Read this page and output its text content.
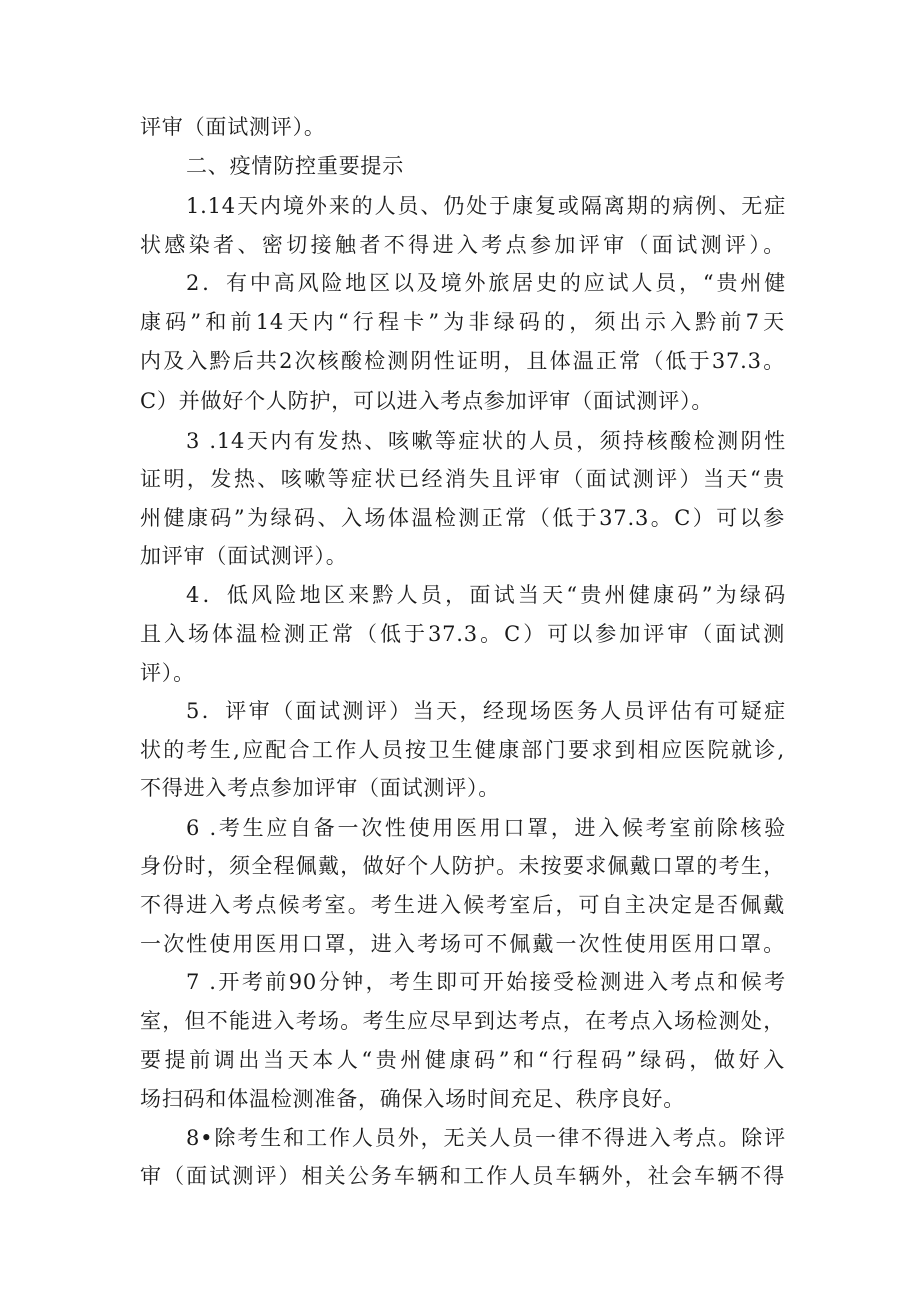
评审（面试测评）。
二、疫情防控重要提示
1.14天内境外来的人员、仍处于康复或隔离期的病例、无症
状感染者、密切接触者不得进入考点参加评审（面试测评）。
2．有中高风险地区以及境外旅居史的应试人员，“贵州健
康码”和前14天内“行程卡”为非绿码的，须出示入黔前7天
内及入黔后共2次核酸检测阴性证明，且体温正常（低于37.3。
C）并做好个人防护，可以进入考点参加评审（面试测评）。
3 .14天内有发热、咳嗽等症状的人员，须持核酸检测阴性
证明，发热、咳嗽等症状已经消失且评审（面试测评）当天“贵
州健康码”为绿码、入场体温检测正常（低于37.3。C）可以参
加评审（面试测评）。
4．低风险地区来黔人员，面试当天“贵州健康码”为绿码
且入场体温检测正常（低于37.3。C）可以参加评审（面试测
评）。
5．评审（面试测评）当天，经现场医务人员评估有可疑症
状的考生,应配合工作人员按卫生健康部门要求到相应医院就诊,
不得进入考点参加评审（面试测评）。
6 .考生应自备一次性使用医用口罩，进入候考室前除核验
身份时，须全程佩戴，做好个人防护。未按要求佩戴口罩的考生，
不得进入考点候考室。考生进入候考室后，可自主决定是否佩戴
一次性使用医用口罩，进入考场可不佩戴一次性使用医用口罩。
7 .开考前90分钟，考生即可开始接受检测进入考点和候考
室，但不能进入考场。考生应尽早到达考点，在考点入场检测处，
要提前调出当天本人“贵州健康码”和“行程码”绿码，做好入
场扫码和体温检测准备，确保入场时间充足、秩序良好。
8•除考生和工作人员外，无关人员一律不得进入考点。除评
审（面试测评）相关公务车辆和工作人员车辆外，社会车辆不得
